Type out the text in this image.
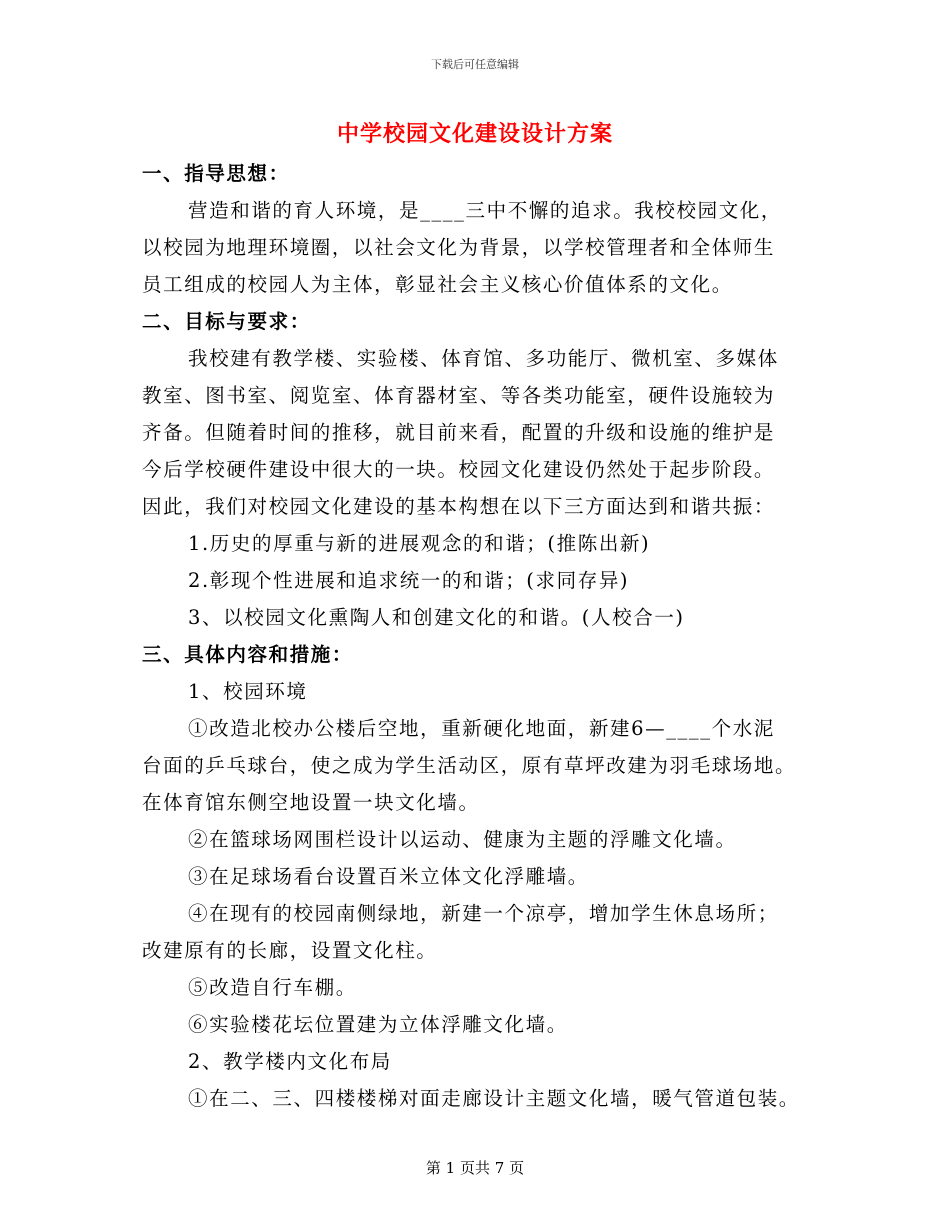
下载后可任意编辑
中学校园文化建设设计方案
一、指导思想：
营造和谐的育人环境，是____三中不懈的追求。我校校园文化，
以校园为地理环境圈，以社会文化为背景，以学校管理者和全体师生
员工组成的校园人为主体，彰显社会主义核心价值体系的文化。
二、目标与要求：
我校建有教学楼、实验楼、体育馆、多功能厅、微机室、多媒体
教室、图书室、阅览室、体育器材室、等各类功能室，硬件设施较为
齐备。但随着时间的推移，就目前来看，配置的升级和设施的维护是
今后学校硬件建设中很大的一块。校园文化建设仍然处于起步阶段。
因此，我们对校园文化建设的基本构想在以下三方面达到和谐共振：
1.历史的厚重与新的进展观念的和谐；(推陈出新)
2.彰现个性进展和追求统一的和谐；(求同存异)
3、以校园文化熏陶人和创建文化的和谐。(人校合一)
三、具体内容和措施：
1、校园环境
①改造北校办公楼后空地，重新硬化地面，新建6—____个水泥
台面的乒乓球台，使之成为学生活动区，原有草坪改建为羽毛球场地。
在体育馆东侧空地设置一块文化墙。
②在篮球场网围栏设计以运动、健康为主题的浮雕文化墙。
③在足球场看台设置百米立体文化浮雕墙。
④在现有的校园南侧绿地，新建一个凉亭，增加学生休息场所；
改建原有的长廊，设置文化柱。
⑤改造自行车棚。
⑥实验楼花坛位置建为立体浮雕文化墙。
2、教学楼内文化布局
①在二、三、四楼楼梯对面走廊设计主题文化墙，暖气管道包装。
第 1 页共 7 页
